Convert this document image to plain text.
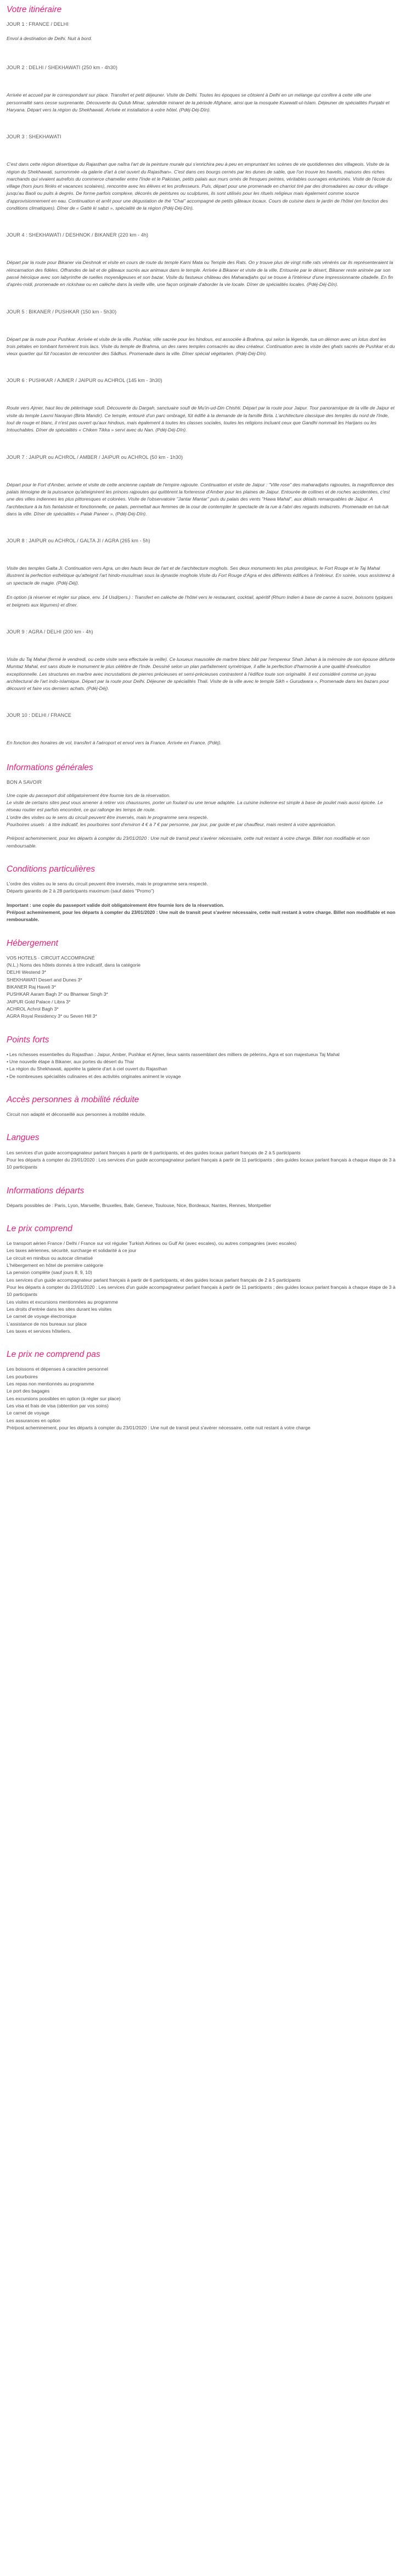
Votre itinéraire
JOUR 1 : FRANCE / DELHI

Envol à destination de Delhi. Nuit à bord.

JOUR 2 : DELHI / SHEKHAWATI (250 km - 4h30)

Arrivée et accueil par le correspondant sur place. Transfert et petit déjeuner. Visite de Delhi. Toutes les époques se côtoient à Delhi en un mélange qui confère à cette ville une personnalité sans cesse surprenante. Découverte du Qutub Minar, splendide minaret de la période Afghane, ainsi que la mosquée Kuwwatt-ul-Islam. Déjeuner de spécialités Punjabi et Haryana. Départ vers la région du Shekhawati. Arrivée et installation à votre hôtel. (Pdéj-Déj-Dîn).

JOUR 3 : SHEKHAWATI

C'est dans cette région désertique du Rajasthan que naîtra l'art de la peinture murale qui s'enrichira peu à peu en empruntant les scènes de vie quotidiennes des villageois. Visite de la région du Shekhawati, surnommée «la galerie d'art à ciel ouvert du Rajasthan». C'est dans ces bourgs cernés par les dunes de sable, que l'on trouve les havelis, maisons des riches marchands qui vivaient autrefois du commerce chamelier entre l'Inde et le Pakistan, petits palais aux murs ornés de fresques peintes, véritables ouvrages enluminés. Visite de l'école du village (hors jours fériés et vacances scolaires), rencontre avec les élèves et les professeurs. Puis, départ pour une promenade en charriot tiré par des dromadaires au cœur du village jusqu'au Baoli ou puits à degrés. De forme parfois complexe, décorés de peintures ou sculptures, ils sont utilisés pour les rituels religieux mais également comme source d'approvisionnement en eau. Continuation et arrêt pour une dégustation de thé "Chai" accompagné de petits gâteaux locaux. Cours de cuisine dans le jardin de l'hôtel (en fonction des conditions climatiques). Dîner de « Gattè ki sabzi », spécialité de la région (Pdéj-Déj-Dîn).

JOUR 4 : SHEKHAWATI / DESHNOK / BIKANER (220 km - 4h)

Départ par la route pour Bikaner via Deshnok et visite en cours de route du temple Karni Mata ou Temple des Rats. On y trouve plus de vingt mille rats vénérés car ils représenteraient la réincarnation des fidèles. Offrandes de lait et de gâteaux sucrés aux animaux dans le temple. Arrivée à Bikaner et visite de la ville. Entourée par le désert, Bikaner reste animée par son passé héroïque avec son labyrinthe de ruelles moyenâgeuses et son bazar. Visite du fastueux château des Maharadjahs qui se trouve à l'intérieur d'une impressionnante citadelle. En fin d'après-midi, promenade en rickshaw ou en calèche dans la vieille ville, une façon originale d'aborder la vie locale. Dîner de spécialités locales. (Pdéj-Déj-Dîn).

JOUR 5 : BIKANER / PUSHKAR (150 km - 5h30)

Départ par la route pour Pushkar. Arrivée et visite de la ville. Pushkar, ville sacrée pour les hindous, est associée à Brahma, qui selon la légende, tua un démon avec un lotus dont les trois pétales en tombant formèrent trois lacs. Visite du temple de Brahma, un des rares temples consacrés au dieu créateur. Continuation avec la visite des ghats sacrés de Pushkar et du vieux quartier qui fût l'occasion de rencontrer des Sâdhus. Promenade dans la ville. Dîner spécial végétarien. (Pdéj-Déj-Dîn).

JOUR 6 : PUSHKAR / AJMER / JAIPUR ou ACHROL (145 km - 3h30)

Route vers Ajmer, haut lieu de pèlerinage soufi. Découverte du Dargah, sanctuaire soufi de Mu'in-ud-Din Chishti. Départ par la route pour Jaipur. Tour panoramique de la ville de Jaipur et visite du temple Laxmi Narayan (Birla Mandir). Ce temple, entouré d'un parc ombragé, fût édifié à la demande de la famille Birla. L'architecture classique des temples du nord de l'Inde, tout de rouge et blanc, il n'est pas ouvert qu'aux hindous, mais également à toutes les classes sociales, toutes les religions incluant ceux que Gandhi nommait les Harijans ou les Intouchables. Dîner de spécialités « Chiken Tikka » servi avec du Nan. (Pdéj-Déj-Dîn).

JOUR 7 : JAIPUR ou ACHROL / AMBER / JAIPUR ou ACHROL (50 km - 1h30)

Départ pour le Fort d'Amber, arrivée et visite de cette ancienne capitale de l'empire rajpoute. Continuation et visite de Jaipur : "Ville rose" des maharadjahs rajpoutes, la magnificence des palais témoigne de la puissance qu'atteignirent les princes rajpoutes qui quittèrent la forteresse d'Amber pour les plaines de Jaipur. Entourée de collines et de roches accidentées, c'est une des villes indiennes les plus pittoresques et colorées. Visite de l'observatoire "Jantar Mantar" puis du palais des vents "Hawa Mahal", aux détails remarquables de Jaipur. A l'architecture à la fois fantaisiste et fonctionnelle, ce palais, permettait aux femmes de la cour de contempler le spectacle de la rue à l'abri des regards indiscrets. Promenade en tuk-tuk dans la ville. Dîner de spécialités « Palak Paneer ». (Pdéj-Déj-Dîn).

JOUR 8 : JAIPUR ou ACHROL / GALTA JI / AGRA (265 km - 5h)

Visite des temples Galta Ji. Continuation vers Agra, un des hauts lieux de l'art et de l'architecture moghols. Ses deux monuments les plus prestigieux, le Fort Rouge et le Taj Mahal illustrent la perfection esthétique qu'atteignit l'art hindo-musulman sous la dynastie moghole.Visite du Fort Rouge d'Agra et des différents édifices à l'intérieur. En soirée, vous assisterez à un spectacle de magie. (Pdéj-Déj).

En option (à réserver et régler sur place, env. 14 Usd/pers.) : Transfert en calèche de l'hôtel vers le restaurant, cocktail, apéritif (Rhum Indien à base de canne à sucre, boissons typiques et beignets aux légumes) et dîner.

JOUR 9 : AGRA / DELHI (200 km - 4h)

Visite du Taj Mahal (fermé le vendredi, ou cette visite sera effectuée la veille). Ce luxueux mausolée de marbre blanc bâti par l'empereur Shah Jahan à la mémoire de son épouse défunte Mumtaz Mahal, est sans doute le monument le plus célèbre de l'Inde. Dessiné selon un plan parfaitement symétrique, il allie la perfection d'harmonie à une qualité d'exécution exceptionnelle. Les structures en marbre avec incrustations de pierres précieuses et semi-précieuses contrastent à l'édifice toute son originalité. Il est considéré comme un joyau architectural de l'art indo-islamique. Départ par la route pour Delhi. Déjeuner de spécialités Thali. Visite de la ville avec le temple Sikh « Gurudwara », Promenade dans les bazars pour découvrir et faire vos derniers achats. (Pdéj-Déj).

JOUR 10 : DELHI / FRANCE

En fonction des horaires de vol, transfert à l'aéroport et envol vers la France. Arrivée en France. (Pdéj).

Informations générales
BON A SAVOIR

Une copie du passeport doit obligatoirement être fournie lors de la réservation.
Le visite de certains sites peut vous amener à retirer vos chaussures, porter un foulard ou une tenue adaptée. La cuisine indienne est simple à base de poulet mais aussi épicée. Le réseau routier est parfois encombré, ce qui rallonge les temps de route.
L'ordre des visites ou le sens du circuit peuvent être inversés, mais le programme sera respecté.
Pourboires usuels : à titre indicatif, les pourboires sont d'environ 4 € à 7 € par personne, par jour, par guide et par chauffeur, mais restent à votre appréciation.

Pré/post acheminement, pour les départs à compter du 23/01/2020 : Une nuit de transit peut s'avérer nécessaire, cette nuit restant à votre charge. Billet non modifiable et non remboursable.

Conditions particulières

L'ordre des visites ou le sens du circuit peuvent être inversés, mais le programme sera respecté.
Départs garantis de 2 à 28 participants maximum (sauf dates "Promo")

Important : une copie du passeport valide doit obligatoirement être fournie lors de la réservation.
Pré/post acheminement, pour les départs à compter du 23/01/2020 : Une nuit de transit peut s'avérer nécessaire, cette nuit restant à votre charge. Billet non modifiable et non remboursable.

Hébergement
VOS HOTELS - CIRCUIT ACCOMPAGNÉ
(N.L.) Noms des hôtels donnés à titre indicatif, dans la catégorie
DELHI Westend 3*
SHEKHAWATI Desert and Dunes 3*
BIKANER Raj Haveli 3*
PUSHKAR Aaram Bagh 3* ou Bhanwar Singh 3*
JAIPUR Gold Palace / Libra 3*
ACHROL Achrol Bagh 3*
AGRA Royal Residency 3* ou Seven Hill 3*
Points forts
• Les richesses essentielles du Rajasthan : Jaipur, Amber, Pushkar et Ajmer, lieux saints rassemblant des milliers de pèlerins, Agra et son majestueux Taj Mahal
• Une nouvelle étape à Bikaner, aux portes du désert du Thar
• La région du Shekhawati, appelée la galerie d'art à ciel ouvert du Rajasthan
• De nombreuses spécialités culinaires et des activités originales animent le voyage
Accès personnes à mobilité réduite

Circuit non adapté et déconseillé aux personnes à mobilité réduite.

Langues

Les services d'un guide accompagnateur parlant français à partir de 6 participants, et des guides locaux parlant français de 2 à 5 participants
Pour les départs à compter du 23/01/2020 : Les services d'un guide accompagnateur parlant français à partir de 11 participants ; des guides locaux parlant français à chaque étape de 3 à 10 participants

Informations départs

Départs possibles de : Paris, Lyon, Marseille, Bruxelles, Bale, Geneve, Toulouse, Nice, Bordeaux, Nantes, Rennes, Montpellier

Le prix comprend
Le transport aérien France / Delhi / France sur vol régulier Turkish Airlines ou Gulf Air (avec escales), ou autres compagnies (avec escales)
Les taxes aériennes, sécurité, surcharge et solidarité à ce jour
Le circuit en minibus ou autocar climatisé
L'hébergement en hôtel de première catégorie
La pension complète (sauf jours 8, 9, 10)
Les services d'un guide accompagnateur parlant français à partir de 6 participants, et des guides locaux parlant français de 2 à 5 participants
Pour les départs à compter du 23/01/2020 : Les services d'un guide accompagnateur parlant français à partir de 11 participants ; des guides locaux parlant français à chaque étape de 3 à 10 participants
Les visites et excursions mentionnées au programme
Les droits d'entrée dans les sites durant les visites
Le carnet de voyage électronique
L'assistance de nos bureaux sur place
Les taxes et services hôteliers.
Le prix ne comprend pas
Les boissons et dépenses à caractère personnel
Les pourboires
Les repas non mentionnés au programme
Le port des bagages
Les excursions possibles en option (à régler sur place)
Les visa et frais de visa (obtention par vos soins)
Le carnet de voyage
Les assurances en option
Pré/post acheminement, pour les départs à compter du 23/01/2020 : Une nuit de transit peut s'avérer nécessaire, cette nuit restant à votre charge
